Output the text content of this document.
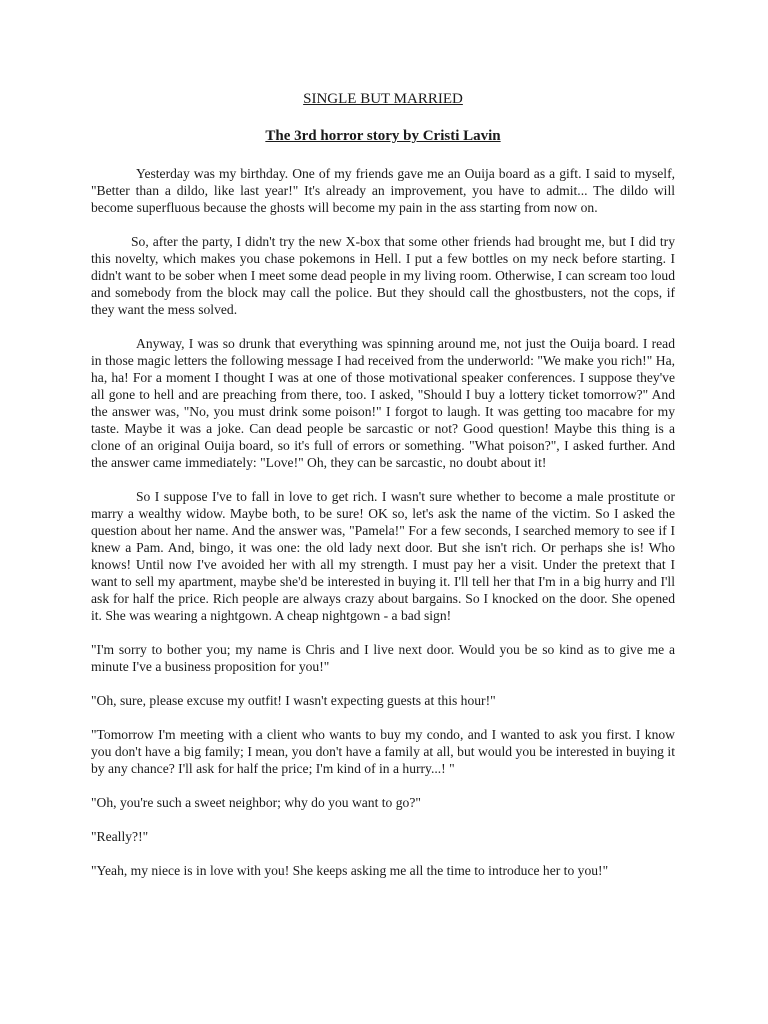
SINGLE BUT MARRIED
The 3rd horror story by Cristi Lavin

Yesterday was my birthday. One of my friends gave me an Ouija board as a gift. I said to myself, "Better than a dildo, like last year!" It's already an improvement, you have to admit... The dildo will become superfluous because the ghosts will become my pain in the ass starting from now on.

So, after the party, I didn't try the new X-box that some other friends had brought me, but I did try this novelty, which makes you chase pokemons in Hell. I put a few bottles on my neck before starting. I didn't want to be sober when I meet some dead people in my living room. Otherwise, I can scream too loud and somebody from the block may call the police. But they should call the ghostbusters, not the cops, if they want the mess solved.

Anyway, I was so drunk that everything was spinning around me, not just the Ouija board. I read in those magic letters the following message I had received from the underworld: "We make you rich!" Ha, ha, ha! For a moment I thought I was at one of those motivational speaker conferences. I suppose they've all gone to hell and are preaching from there, too. I asked, "Should I buy a lottery ticket tomorrow?" And the answer was, "No, you must drink some poison!" I forgot to laugh. It was getting too macabre for my taste. Maybe it was a joke. Can dead people be sarcastic or not? Good question! Maybe this thing is a clone of an original Ouija board, so it's full of errors or something. "What poison?", I asked further. And the answer came immediately: "Love!" Oh, they can be sarcastic, no doubt about it!

So I suppose I've to fall in love to get rich. I wasn't sure whether to become a male prostitute or marry a wealthy widow. Maybe both, to be sure! OK so, let's ask the name of the victim. So I asked the question about her name. And the answer was, "Pamela!" For a few seconds, I searched memory to see if I knew a Pam. And, bingo, it was one: the old lady next door. But she isn't rich. Or perhaps she is! Who knows! Until now I've avoided her with all my strength. I must pay her a visit. Under the pretext that I want to sell my apartment, maybe she'd be interested in buying it. I'll tell her that I'm in a big hurry and I'll ask for half the price. Rich people are always crazy about bargains. So I knocked on the door. She opened it. She was wearing a nightgown. A cheap nightgown - a bad sign!

"I'm sorry to bother you; my name is Chris and I live next door. Would you be so kind as to give me a minute I've a business proposition for you!"

"Oh, sure, please excuse my outfit! I wasn't expecting guests at this hour!"

"Tomorrow I'm meeting with a client who wants to buy my condo, and I wanted to ask you first. I know you don't have a big family; I mean, you don't have a family at all, but would you be interested in buying it by any chance? I'll ask for half the price; I'm kind of in a hurry...! "

"Oh, you're such a sweet neighbor; why do you want to go?"

"Really?!"

"Yeah, my niece is in love with you! She keeps asking me all the time to introduce her to you!"
